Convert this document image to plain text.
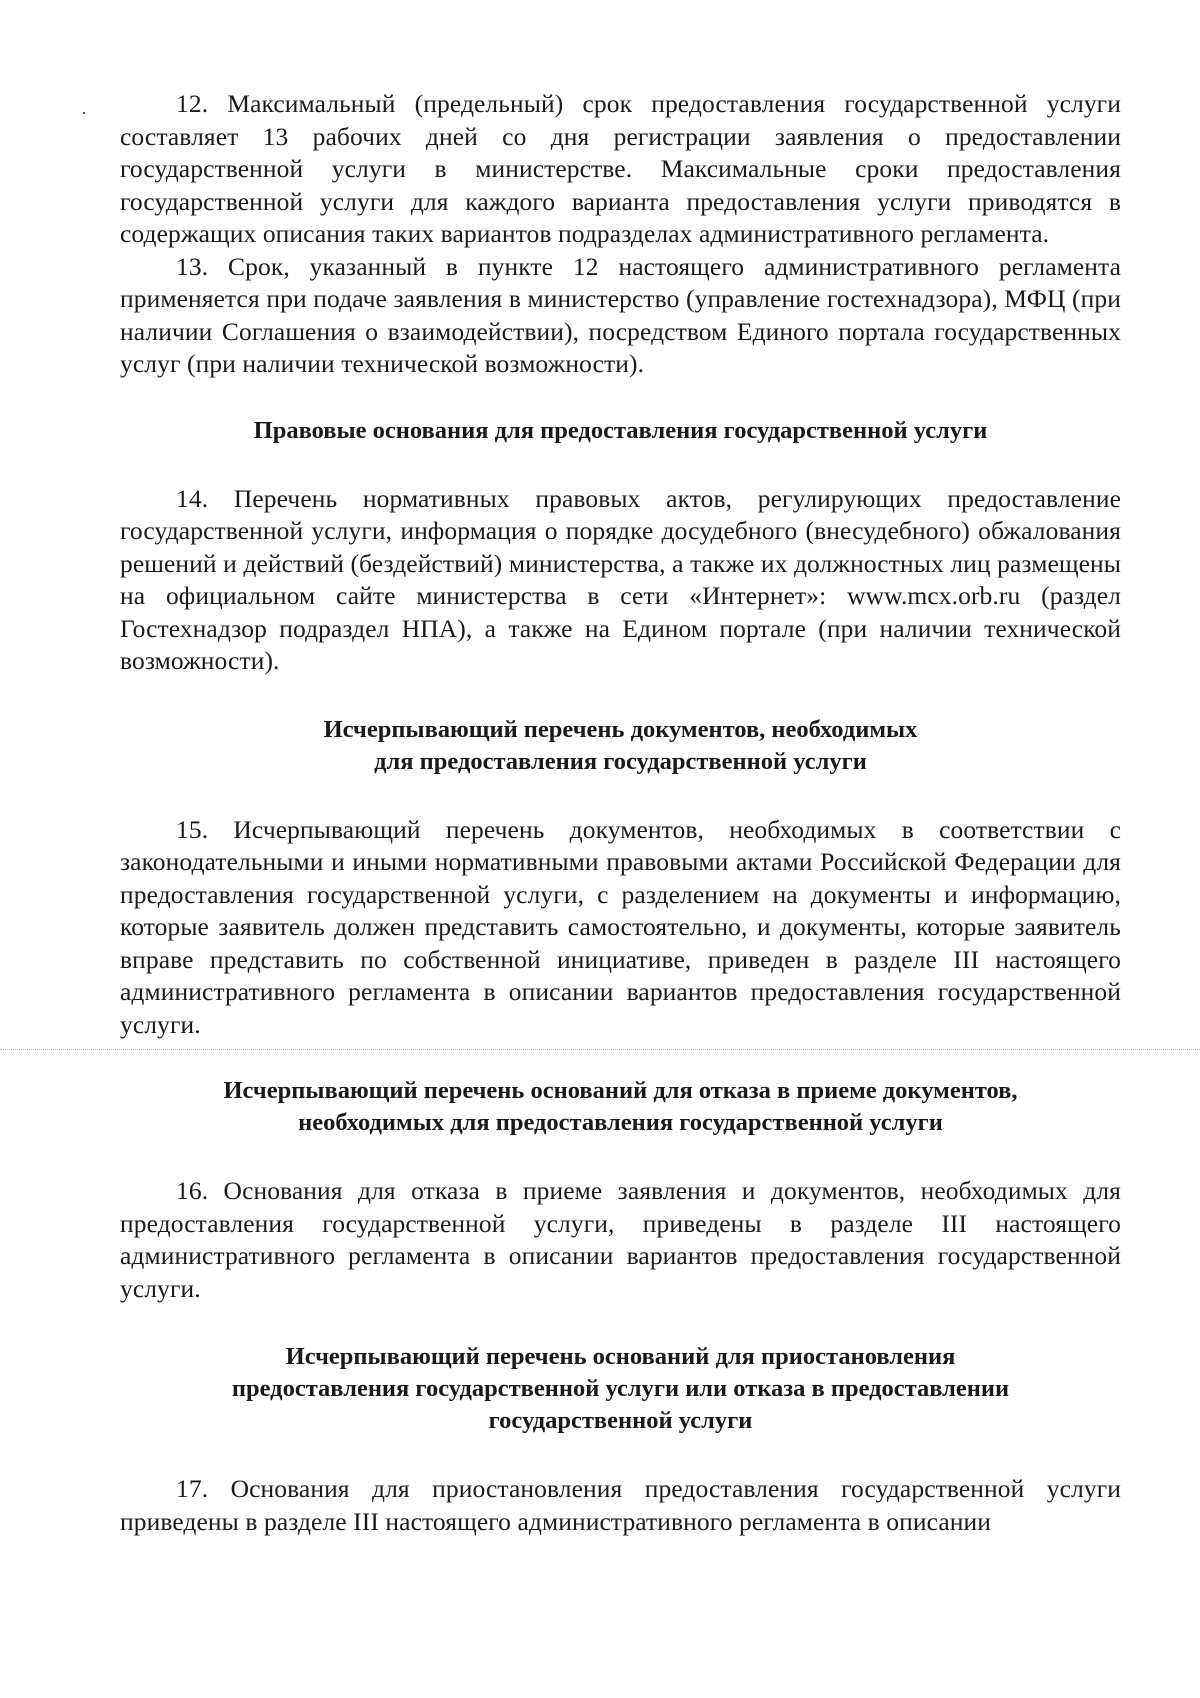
12. Максимальный (предельный) срок предоставления государственной услуги составляет 13 рабочих дней со дня регистрации заявления о предоставлении государственной услуги в министерстве. Максимальные сроки предоставления государственной услуги для каждого варианта предоставления услуги приводятся в содержащих описания таких вариантов подразделах административного регламента.

13. Срок, указанный в пункте 12 настоящего административного регламента применяется при подаче заявления в министерство (управление гостехнадзора), МФЦ (при наличии Соглашения о взаимодействии), посредством Единого портала государственных услуг (при наличии технической возможности).

Правовые основания для предоставления государственной услуги

14. Перечень нормативных правовых актов, регулирующих предоставление государственной услуги, информация о порядке досудебного (внесудебного) обжалования решений и действий (бездействий) министерства, а также их должностных лиц размещены на официальном сайте министерства в сети «Интернет»: www.mcx.orb.ru (раздел Гостехнадзор подраздел НПА), а также на Едином портале (при наличии технической возможности).

Исчерпывающий перечень документов, необходимых
для предоставления государственной услуги

15. Исчерпывающий перечень документов, необходимых в соответствии с законодательными и иными нормативными правовыми актами Российской Федерации для предоставления государственной услуги, с разделением на документы и информацию, которые заявитель должен представить самостоятельно, и документы, которые заявитель вправе представить по собственной инициативе, приведен в разделе III настоящего административного регламента в описании вариантов предоставления государственной услуги.

Исчерпывающий перечень оснований для отказа в приеме документов,
необходимых для предоставления государственной услуги

16. Основания для отказа в приеме заявления и документов, необходимых для предоставления государственной услуги, приведены в разделе III настоящего административного регламента в описании вариантов предоставления государственной услуги.

Исчерпывающий перечень оснований для приостановления
предоставления государственной услуги или отказа в предоставлении
государственной услуги

17. Основания для приостановления предоставления государственной услуги приведены в разделе III настоящего административного регламента в описании
